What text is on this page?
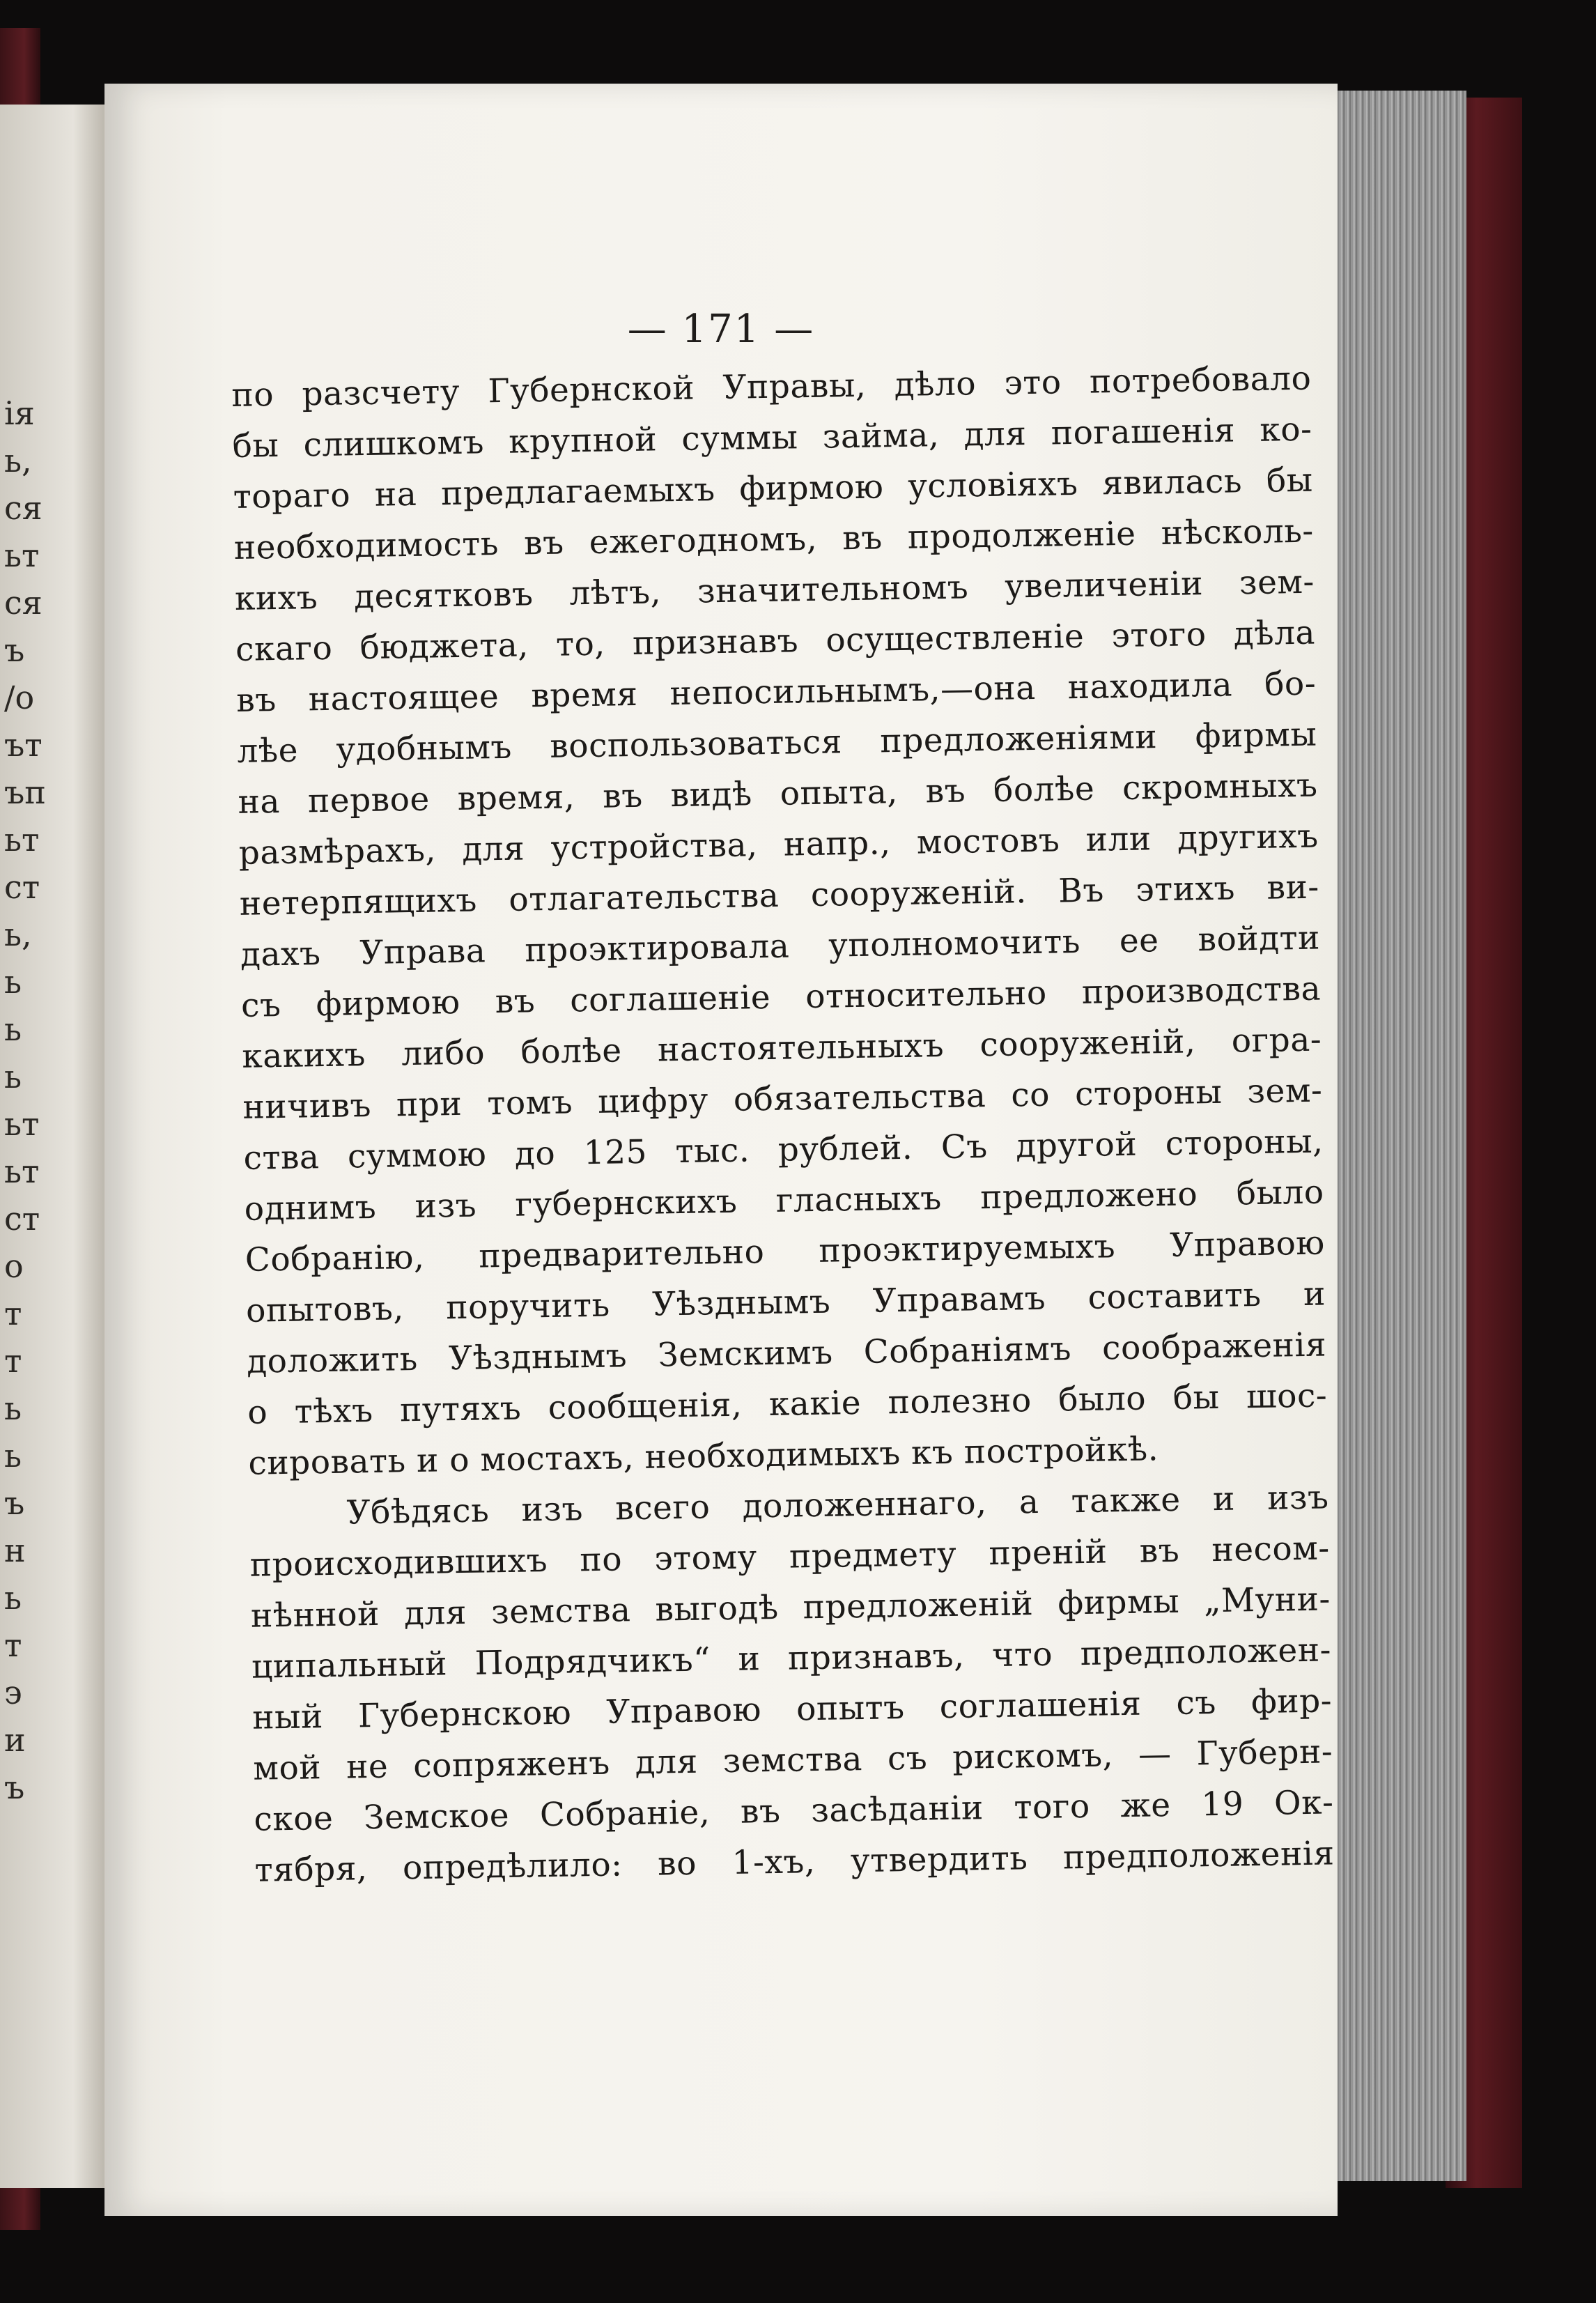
ія
ь,
ся
ьт
ся
ъ
/о
ът
ъп
ьт
ст
ь,
ь
ь
ь
ьт
ьт
ст
о
т
т
ь
ь
ъ
н
ь
т
э
и
ъ
— 171 —
по разсчету Губернской Управы, дѣло это потребовало
бы слишкомъ крупной суммы займа, для погашенія ко-
тораго на предлагаемыхъ фирмою условіяхъ явилась бы
необходимость въ ежегодномъ, въ продолженіе нѣсколь-
кихъ десятковъ лѣтъ, значительномъ увеличеніи зем-
скаго бюджета, то, признавъ осуществленіе этого дѣла
въ настоящее время непосильнымъ,—она находила бо-
лѣе удобнымъ воспользоваться предложеніями фирмы
на первое время, въ видѣ опыта, въ болѣе скромныхъ
размѣрахъ, для устройства, напр., мостовъ или другихъ
нетерпящихъ отлагательства сооруженій. Въ этихъ ви-
дахъ Управа проэктировала уполномочить ее войдти
съ фирмою въ соглашеніе относительно производства
какихъ либо болѣе настоятельныхъ сооруженій, огра-
ничивъ при томъ цифру обязательства со стороны зем-
ства суммою до 125 тыс. рублей. Съ другой стороны,
однимъ изъ губернскихъ гласныхъ предложено было
Собранію, предварительно проэктируемыхъ Управою
опытовъ, поручить Уѣзднымъ Управамъ составить и
доложить Уѣзднымъ Земскимъ Собраніямъ соображенія
о тѣхъ путяхъ сообщенія, какіе полезно было бы шос-
сировать и о мостахъ, необходимыхъ къ постройкѣ.
Убѣдясь изъ всего доложеннаго, а также и изъ
происходившихъ по этому предмету преній въ несом-
нѣнной для земства выгодѣ предложеній фирмы „Муни-
ципальный Подрядчикъ“ и признавъ, что предположен-
ный Губернскою Управою опытъ соглашенія съ фир-
мой не сопряженъ для земства съ рискомъ, — Губерн-
ское Земское Собраніе, въ засѣданіи того же 19 Ок-
тября, опредѣлило: во 1-хъ, утвердить предположенія
